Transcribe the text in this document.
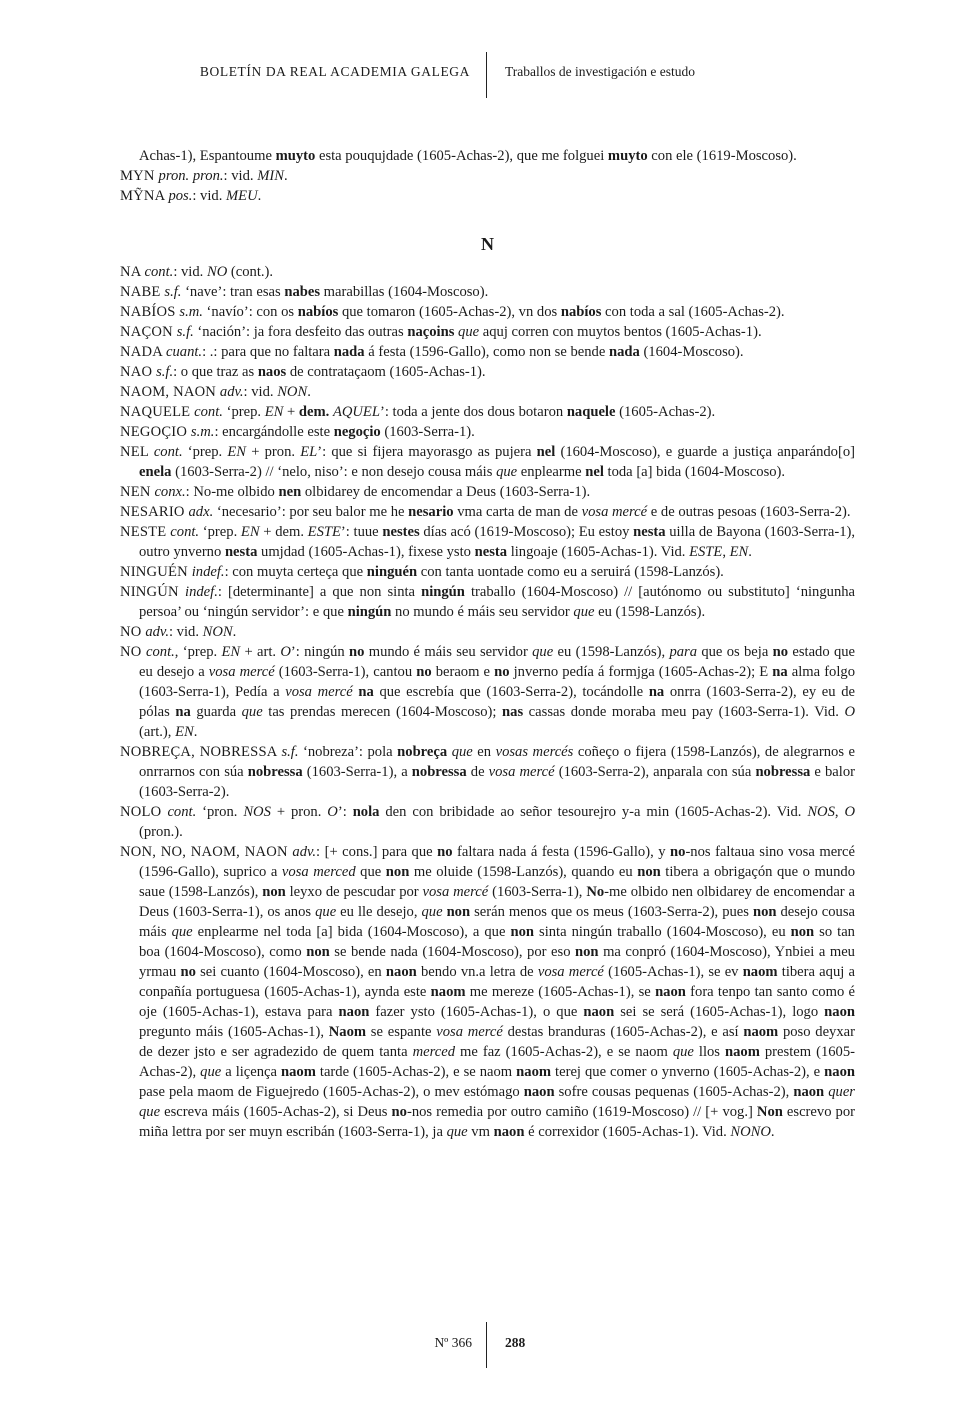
BOLETÍN DA REAL ACADEMIA GALEGA	Traballos de investigación e estudo

Achas-1), Espantoume muyto esta pouqujdade (1605-Achas-2), que me folguei muyto con ele (1619-Moscoso).

MYN pron. pron.: vid. MIN.

MỸNA pos.: vid. MEU.

N

NA cont.: vid. NO (cont.).

NABE s.f. ‘nave’: tran esas nabes marabillas (1604-Moscoso).

NABÍOS s.m. ‘navío’: con os nabíos que tomaron (1605-Achas-2), vn dos nabíos con toda a sal (1605-Achas-2).

NAÇON s.f. ‘nación’: ja fora desfeito das outras naçoins que aquj corren con muytos bentos (1605-Achas-1).

NADA cuant.: .: para que no faltara nada á festa (1596-Gallo), como non se bende nada (1604-Moscoso).

NAO s.f.: o que traz as naos de contrataçaom (1605-Achas-1).

NAOM, NAON adv.: vid. NON.

NAQUELE cont. ‘prep. EN + dem. AQUEL’: toda a jente dos dous botaron naquele (1605-Achas-2).

NEGOÇIO s.m.: encargándolle este negoçio (1603-Serra-1).

NEL cont. ‘prep. EN + pron. EL’: que si fijera mayorasgo as pujera nel (1604-Moscoso), e guarde a justiça anparándo[o] enela (1603-Serra-2) // ‘nelo, niso’: e non desejo cousa máis que enplearme nel toda [a] bida (1604-Moscoso).

NEN conx.: No-me olbido nen olbidarey de encomendar a Deus (1603-Serra-1).

NESARIO adx. ‘necesario’: por seu balor me he nesario vma carta de man de vosa mercé e de outras pesoas (1603-Serra-2).

NESTE cont. ‘prep. EN + dem. ESTE’: tuue nestes días acó (1619-Moscoso); Eu estoy nesta uilla de Bayona (1603-Serra-1), outro ynverno nesta umjdad (1605-Achas-1), fixese ysto nesta lingoaje (1605-Achas-1). Vid. ESTE, EN.

NINGUÉN indef.: con muyta certeça que ninguén con tanta uontade como eu a seruirá (1598-Lanzós).

NINGÚN indef.: [determinante] a que non sinta ningún traballo (1604-Moscoso) // [autónomo ou substituto] ‘ningunha persoa’ ou ‘ningún servidor’: e que ningún no mundo é máis seu servidor que eu (1598-Lanzós).

NO adv.: vid. NON.

NO cont., ‘prep. EN + art. O’: ningún no mundo é máis seu servidor que eu (1598-Lanzós), para que os beja no estado que eu desejo a vosa mercé (1603-Serra-1), cantou no beraom e no jnverno pedía á formjga (1605-Achas-2); E na alma folgo (1603-Serra-1), Pedía a vosa mercé na que escrebía que (1603-Serra-2), tocándolle na onrra (1603-Serra-2), ey eu de pólas na guarda que tas prendas merecen (1604-Moscoso); nas cassas donde moraba meu pay (1603-Serra-1). Vid. O (art.), EN.

NOBREÇA, NOBRESSA s.f. ‘nobreza’: pola nobreça que en vosas mercés coñeço o fijera (1598-Lanzós), de alegrarnos e onrrarnos con súa nobressa (1603-Serra-1), a nobressa de vosa mercé (1603-Serra-2), anparala con súa nobressa e balor (1603-Serra-2).

NOLO cont. ‘pron. NOS + pron. O’: nola den con bribidade ao señor tesourejro y-a min (1605-Achas-2). Vid. NOS, O (pron.).

NON, NO, NAOM, NAON adv.: [+ cons.] para que no faltara nada á festa (1596-Gallo), y no-nos faltaua sino vosa mercé (1596-Gallo), suprico a vosa merced que non me oluide (1598-Lanzós), quando eu non tibera a obrigaçón que o mundo saue (1598-Lanzós), non leyxo de pescudar por vosa mercé (1603-Serra-1), No-me olbido nen olbidarey de encomendar a Deus (1603-Serra-1), os anos que eu lle desejo, que non serán menos que os meus (1603-Serra-2), pues non desejo cousa máis que enplearme nel toda [a] bida (1604-Moscoso), a que non sinta ningún traballo (1604-Moscoso), eu non so tan boa (1604-Moscoso), como non se bende nada (1604-Moscoso), por eso non ma conpró (1604-Moscoso), Ynbiei a meu yrmau no sei cuanto (1604-Moscoso), en naon bendo vn.a letra de vosa mercé (1605-Achas-1), se ev naom tibera aquj a conpañía portuguesa (1605-Achas-1), aynda este naom me mereze (1605-Achas-1), se naon fora tenpo tan santo como é oje (1605-Achas-1), estava para naon fazer ysto (1605-Achas-1), o que naon sei se será (1605-Achas-1), logo naon pregunto máis (1605-Achas-1), Naom se espante vosa mercé destas branduras (1605-Achas-2), e así naom poso deyxar de dezer jsto e ser agradezido de quem tanta merced me faz (1605-Achas-2), e se naom que llos naom prestem (1605-Achas-2), que a liçença naom tarde (1605-Achas-2), e se naom naom terej que comer o ynverno (1605-Achas-2), e naon pase pela maom de Figuejredo (1605-Achas-2), o mev estómago naon sofre cousas pequenas (1605-Achas-2), naon quer que escreva máis (1605-Achas-2), si Deus no-nos remedia por outro camiño (1619-Moscoso) // [+ vog.] Non escrevo por miña lettra por ser muyn escribán (1603-Serra-1), ja que vm naon é correxidor (1605-Achas-1). Vid. NONO.

Nº 366 288
